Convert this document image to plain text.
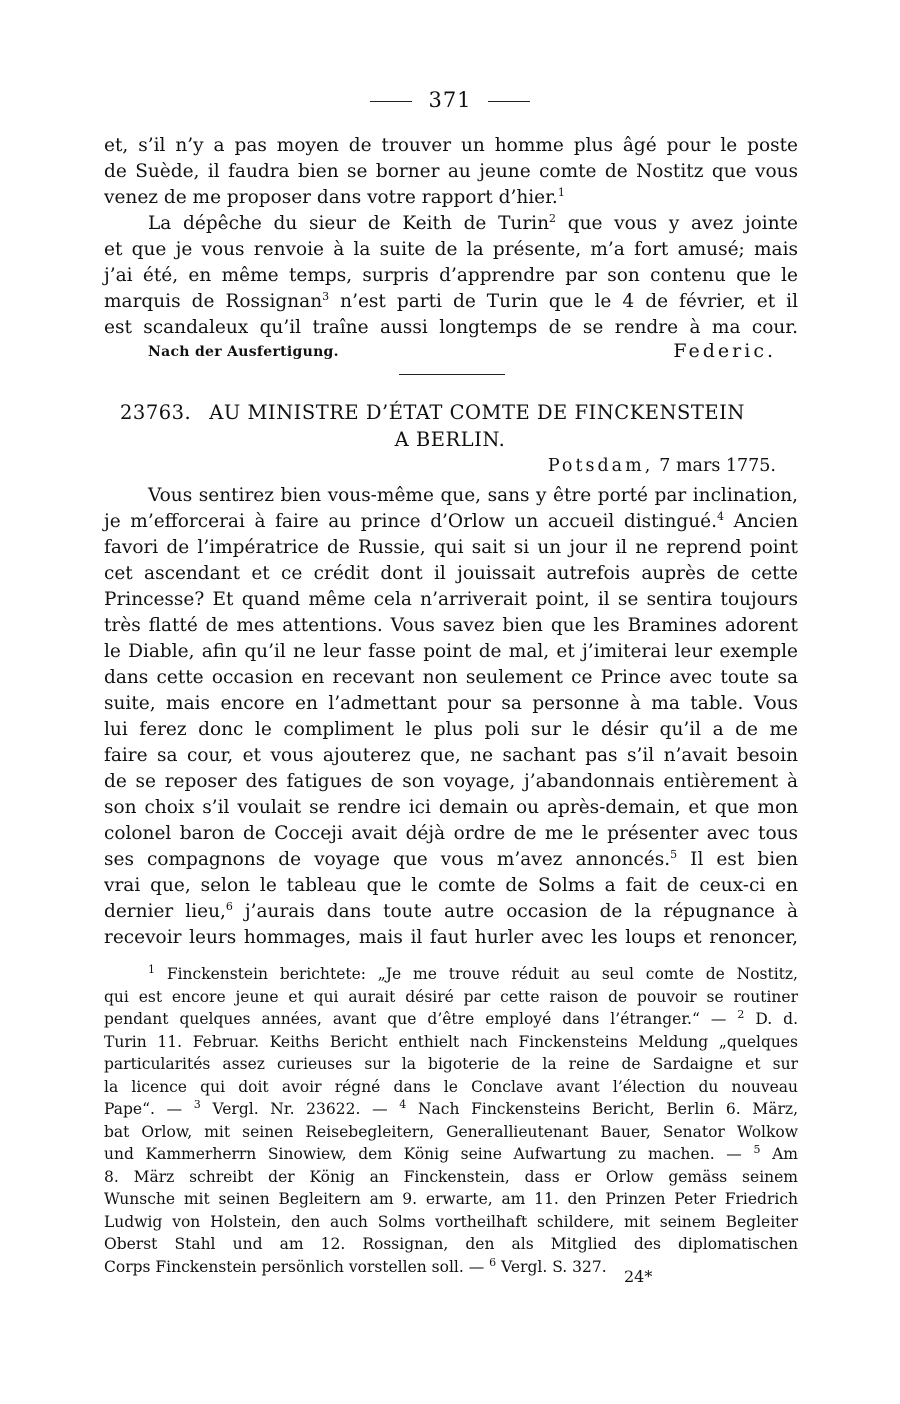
371
et, s’il n’y a pas moyen de trouver un homme plus âgé pour le poste
de Suède, il faudra bien se borner au jeune comte de Nostitz que vous
venez de me proposer dans votre rapport d’hier.$^1$
La dépêche du sieur de Keith de Turin$^2$ que vous y avez jointe
et que je vous renvoie à la suite de la présente, m’a fort amusé; mais
j’ai été, en même temps, surpris d’apprendre par son contenu que le
marquis de Rossignan$^3$ n’est parti de Turin que le 4 de février, et il
est scandaleux qu’il traîne aussi longtemps de se rendre à ma cour.
Nach der Ausfertigung.	Federic.
23763. AU MINISTRE D’ÉTAT COMTE DE FINCKENSTEIN
A BERLIN.
Potsdam, 7 mars 1775.
Vous sentirez bien vous-même que, sans y être porté par inclination,
je m’efforcerai à faire au prince d’Orlow un accueil distingué.$^4$ Ancien
favori de l’impératrice de Russie, qui sait si un jour il ne reprend point
cet ascendant et ce crédit dont il jouissait autrefois auprès de cette
Princesse? Et quand même cela n’arriverait point, il se sentira toujours
très flatté de mes attentions. Vous savez bien que les Bramines adorent
le Diable, afin qu’il ne leur fasse point de mal, et j’imiterai leur exemple
dans cette occasion en recevant non seulement ce Prince avec toute sa
suite, mais encore en l’admettant pour sa personne à ma table. Vous
lui ferez donc le compliment le plus poli sur le désir qu’il a de me
faire sa cour, et vous ajouterez que, ne sachant pas s’il n’avait besoin
de se reposer des fatigues de son voyage, j’abandonnais entièrement à
son choix s’il voulait se rendre ici demain ou après-demain, et que mon
colonel baron de Cocceji avait déjà ordre de me le présenter avec tous
ses compagnons de voyage que vous m’avez annoncés.$^5$ Il est bien
vrai que, selon le tableau que le comte de Solms a fait de ceux-ci en
dernier lieu,$^6$ j’aurais dans toute autre occasion de la répugnance à
recevoir leurs hommages, mais il faut hurler avec les loups et renoncer,
$^1$ Finckenstein berichtete: „Je me trouve réduit au seul comte de Nostitz,
qui est encore jeune et qui aurait désiré par cette raison de pouvoir se routiner
pendant quelques années, avant que d’être employé dans l’étranger.“ — $^2$ D. d.
Turin 11. Februar. Keiths Bericht enthielt nach Finckensteins Meldung „quelques
particularités assez curieuses sur la bigoterie de la reine de Sardaigne et sur
la licence qui doit avoir régné dans le Conclave avant l’élection du nouveau
Pape“. — $^3$ Vergl. Nr. 23622. — $^4$ Nach Finckensteins Bericht, Berlin 6. März,
bat Orlow, mit seinen Reisebegleitern, Generallieutenant Bauer, Senator Wolkow
und Kammerherrn Sinowiew, dem König seine Aufwartung zu machen. — $^5$ Am
8. März schreibt der König an Finckenstein, dass er Orlow gemäss seinem
Wunsche mit seinen Begleitern am 9. erwarte, am 11. den Prinzen Peter Friedrich
Ludwig von Holstein, den auch Solms vortheilhaft schildere, mit seinem Begleiter
Oberst Stahl und am 12. Rossignan, den als Mitglied des diplomatischen
Corps Finckenstein persönlich vorstellen soll. — $^6$ Vergl. S. 327.
24*
